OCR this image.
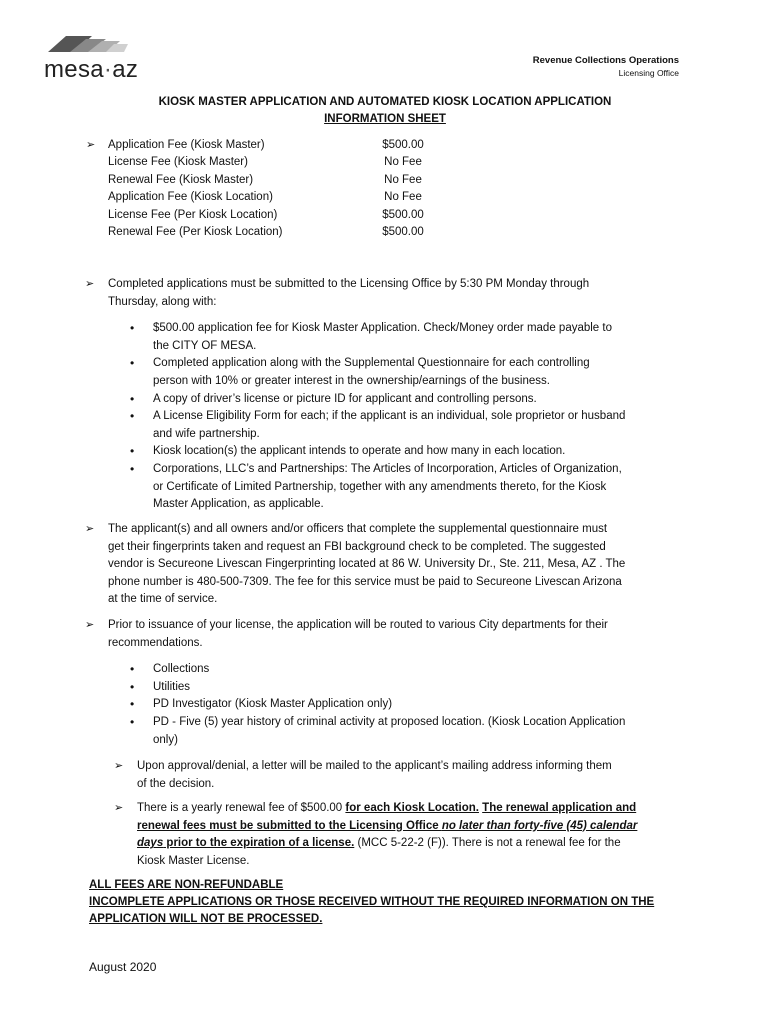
mesa·az	Revenue Collections Operations
Licensing Office
KIOSK MASTER APPLICATION AND AUTOMATED KIOSK LOCATION APPLICATION
INFORMATION SHEET
➢	Application Fee (Kiosk Master)	$500.00
License Fee (Kiosk Master)	No Fee
Renewal Fee (Kiosk Master)	No Fee
Application Fee (Kiosk Location)	No Fee
License Fee (Per Kiosk Location)	$500.00
Renewal Fee (Per Kiosk Location)	$500.00
➢ Completed applications must be submitted to the Licensing Office by 5:30 PM Monday through
Thursday, along with:
• $500.00 application fee for Kiosk Master Application. Check/Money order made payable to
the CITY OF MESA.
• Completed application along with the Supplemental Questionnaire for each controlling
person with 10% or greater interest in the ownership/earnings of the business.
• A copy of driver’s license or picture ID for applicant and controlling persons.
• A License Eligibility Form for each; if the applicant is an individual, sole proprietor or husband
and wife partnership.
• Kiosk location(s) the applicant intends to operate and how many in each location.
• Corporations, LLC’s and Partnerships: The Articles of Incorporation, Articles of Organization,
or Certificate of Limited Partnership, together with any amendments thereto, for the Kiosk
Master Application, as applicable.
➢ The applicant(s) and all owners and/or officers that complete the supplemental questionnaire must
get their fingerprints taken and request an FBI background check to be completed. The suggested
vendor is Secureone Livescan Fingerprinting located at 86 W. University Dr., Ste. 211, Mesa, AZ . The
phone number is 480-500-7309. The fee for this service must be paid to Secureone Livescan Arizona
at the time of service.
➢ Prior to issuance of your license, the application will be routed to various City departments for their
recommendations.
• Collections
• Utilities
• PD Investigator (Kiosk Master Application only)
• PD - Five (5) year history of criminal activity at proposed location. (Kiosk Location Application
only)
➢ Upon approval/denial, a letter will be mailed to the applicant’s mailing address informing them
of the decision.
➢ There is a yearly renewal fee of $500.00 for each Kiosk Location. The renewal application and
renewal fees must be submitted to the Licensing Office no later than forty-five (45) calendar
days prior to the expiration of a license. (MCC 5-22-2 (F)). There is not a renewal fee for the
Kiosk Master License.
ALL FEES ARE NON-REFUNDABLE
INCOMPLETE APPLICATIONS OR THOSE RECEIVED WITHOUT THE REQUIRED INFORMATION ON THE
APPLICATION WILL NOT BE PROCESSED.
August 2020
